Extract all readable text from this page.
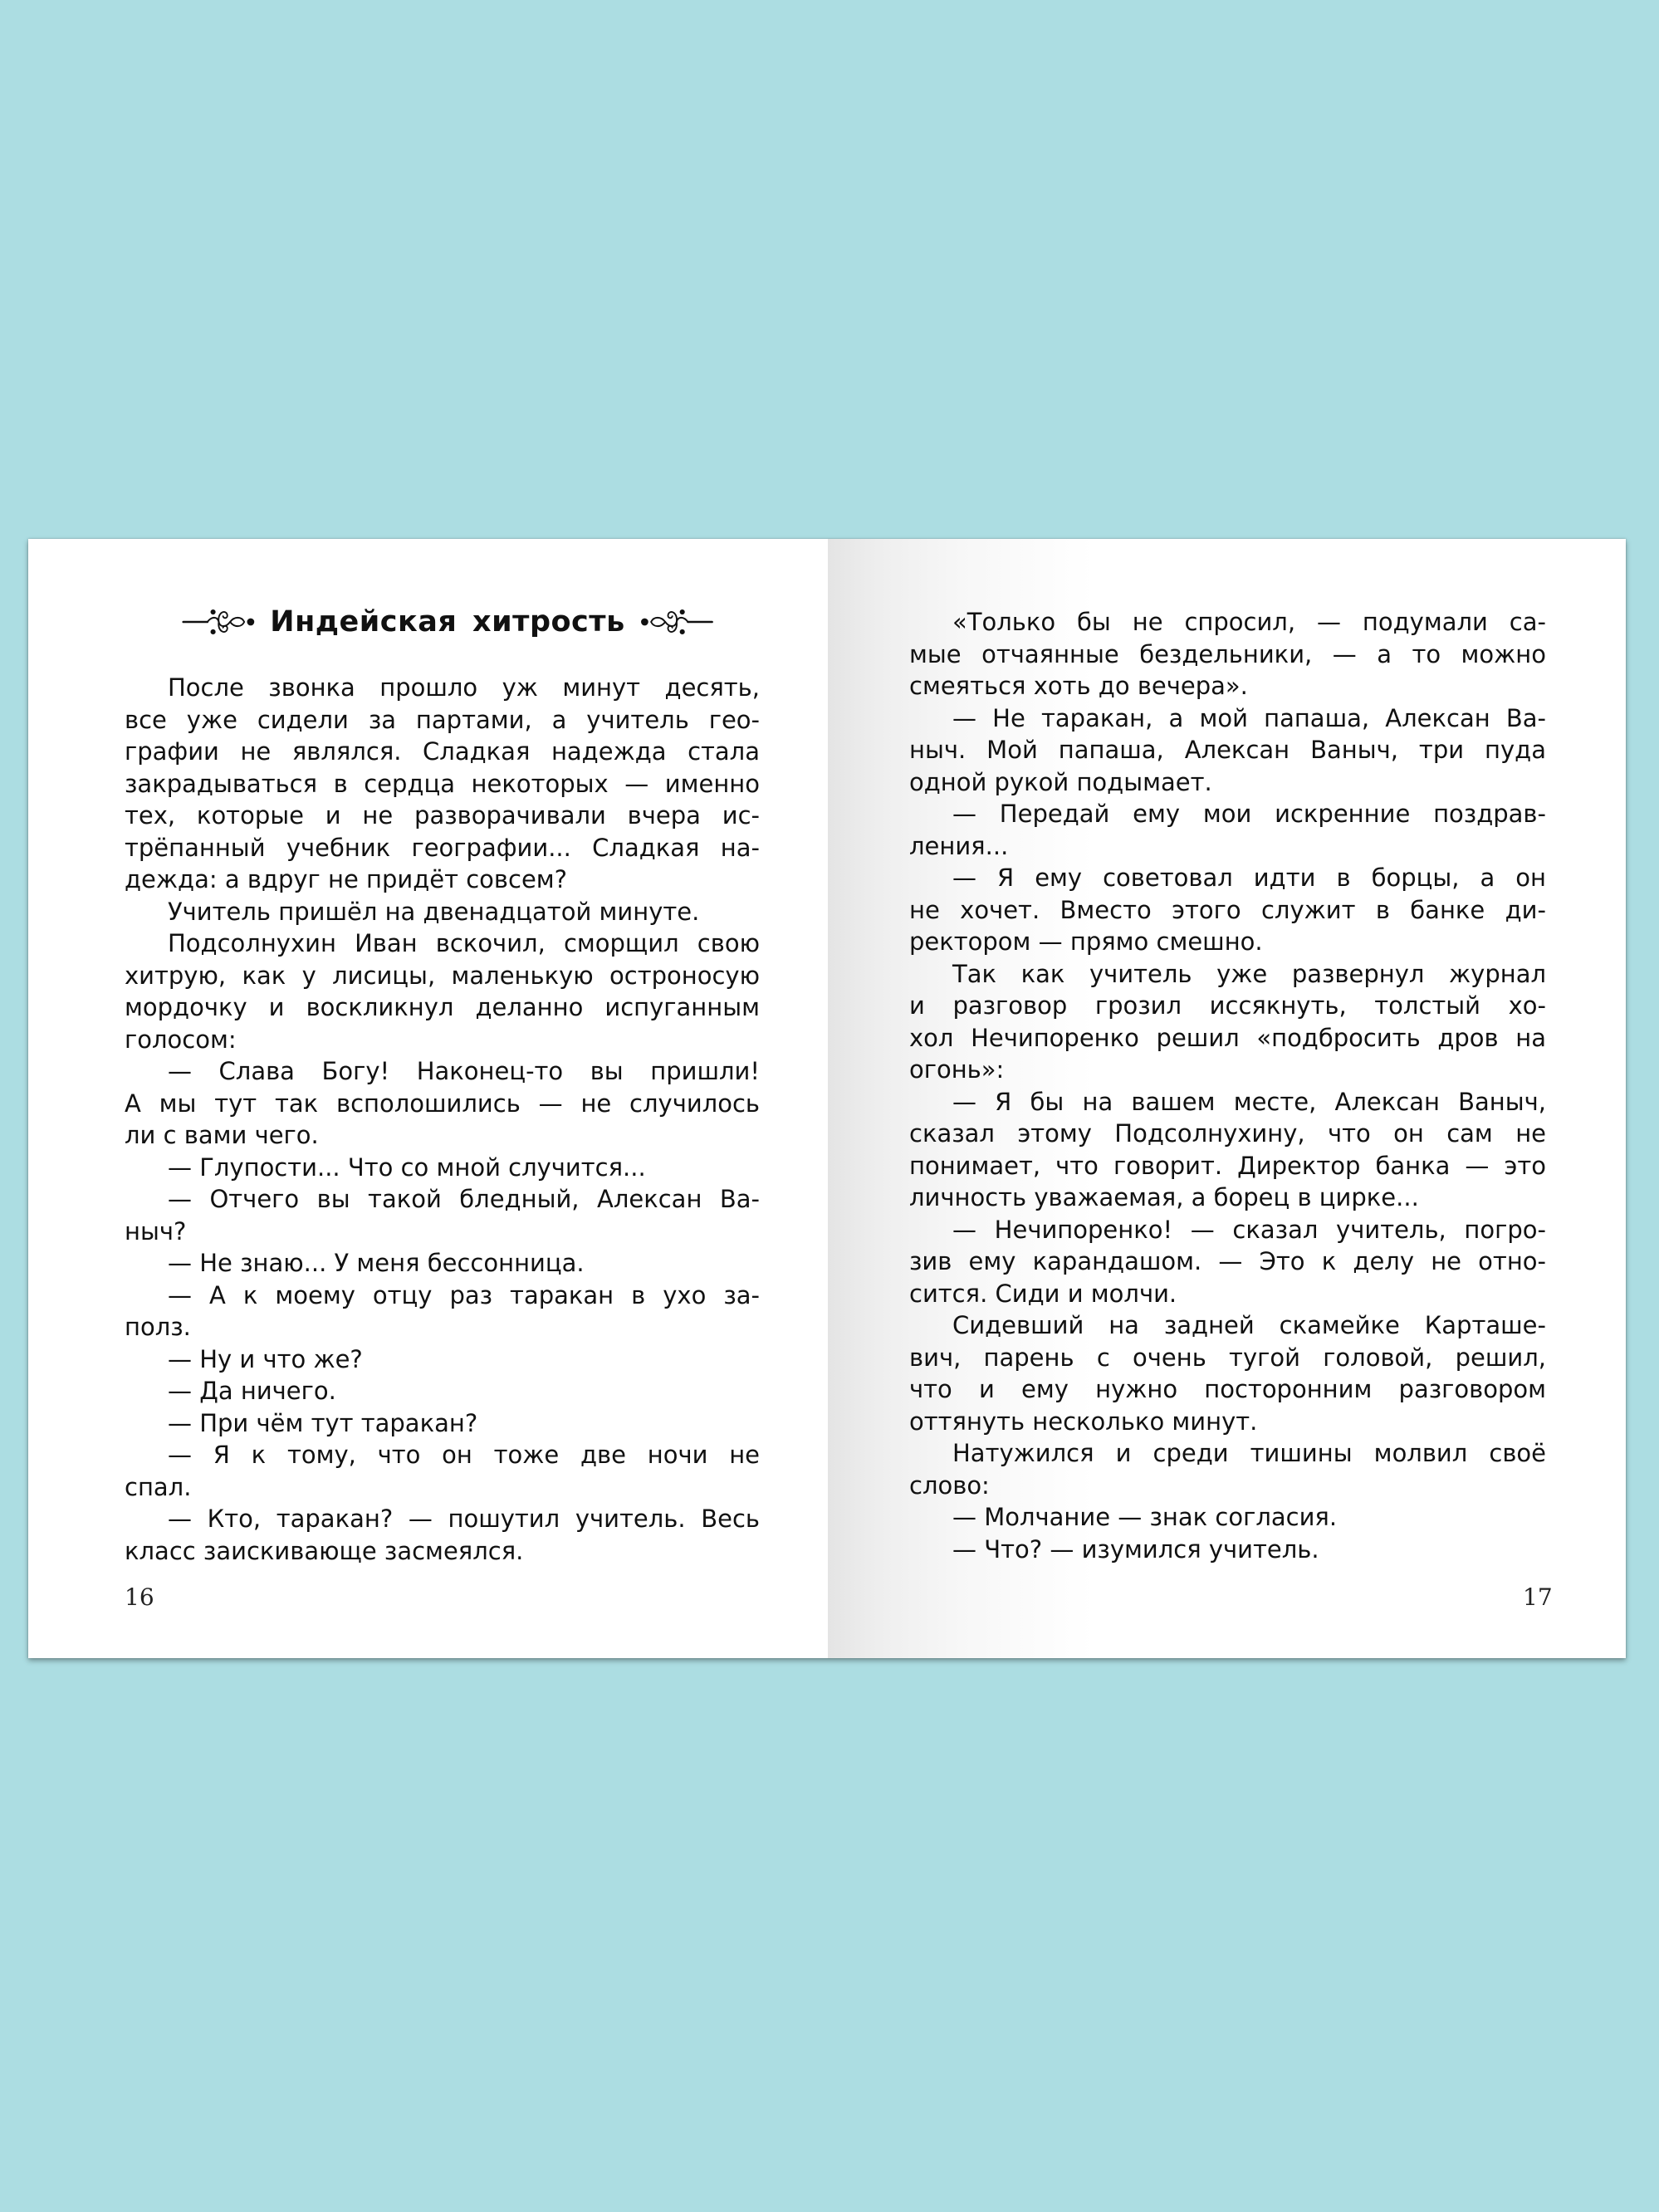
Индейская хитрость
После звонка прошло уж минут десять,
все уже сидели за партами, а учитель гео-
графии не являлся. Сладкая надежда стала
закрадываться в сердца некоторых — именно
тех, которые и не разворачивали вчера ис-
трёпанный учебник географии... Сладкая на-
дежда: а вдруг не придёт совсем?
Учитель пришёл на двенадцатой минуте.
Подсолнухин Иван вскочил, сморщил свою
хитрую, как у лисицы, маленькую остроносую
мордочку и воскликнул деланно испуганным
голосом:
— Слава Богу! Наконец-то вы пришли!
А мы тут так всполошились — не случилось
ли с вами чего.
— Глупости... Что со мной случится...
— Отчего вы такой бледный, Алексан Ва-
ныч?
— Не знаю... У меня бессонница.
— А к моему отцу раз таракан в ухо за-
полз.
— Ну и что же?
— Да ничего.
— При чём тут таракан?
— Я к тому, что он тоже две ночи не
спал.
— Кто, таракан? — пошутил учитель. Весь
класс заискивающе засмеялся.
16
«Только бы не спросил, — подумали са-
мые отчаянные бездельники, — а то можно
смеяться хоть до вечера».
— Не таракан, а мой папаша, Алексан Ва-
ныч. Мой папаша, Алексан Ваныч, три пуда
одной рукой подымает.
— Передай ему мои искренние поздрав-
ления...
— Я ему советовал идти в борцы, а он
не хочет. Вместо этого служит в банке ди-
ректором — прямо смешно.
Так как учитель уже развернул журнал
и разговор грозил иссякнуть, толстый хо-
хол Нечипоренко решил «подбросить дров на
огонь»:
— Я бы на вашем месте, Алексан Ваныч,
сказал этому Подсолнухину, что он сам не
понимает, что говорит. Директор банка — это
личность уважаемая, а борец в цирке...
— Нечипоренко! — сказал учитель, погро-
зив ему карандашом. — Это к делу не отно-
сится. Сиди и молчи.
Сидевший на задней скамейке Карташе-
вич, парень с очень тугой головой, решил,
что и ему нужно посторонним разговором
оттянуть несколько минут.
Натужился и среди тишины молвил своё
слово:
— Молчание — знак согласия.
— Что? — изумился учитель.
17
